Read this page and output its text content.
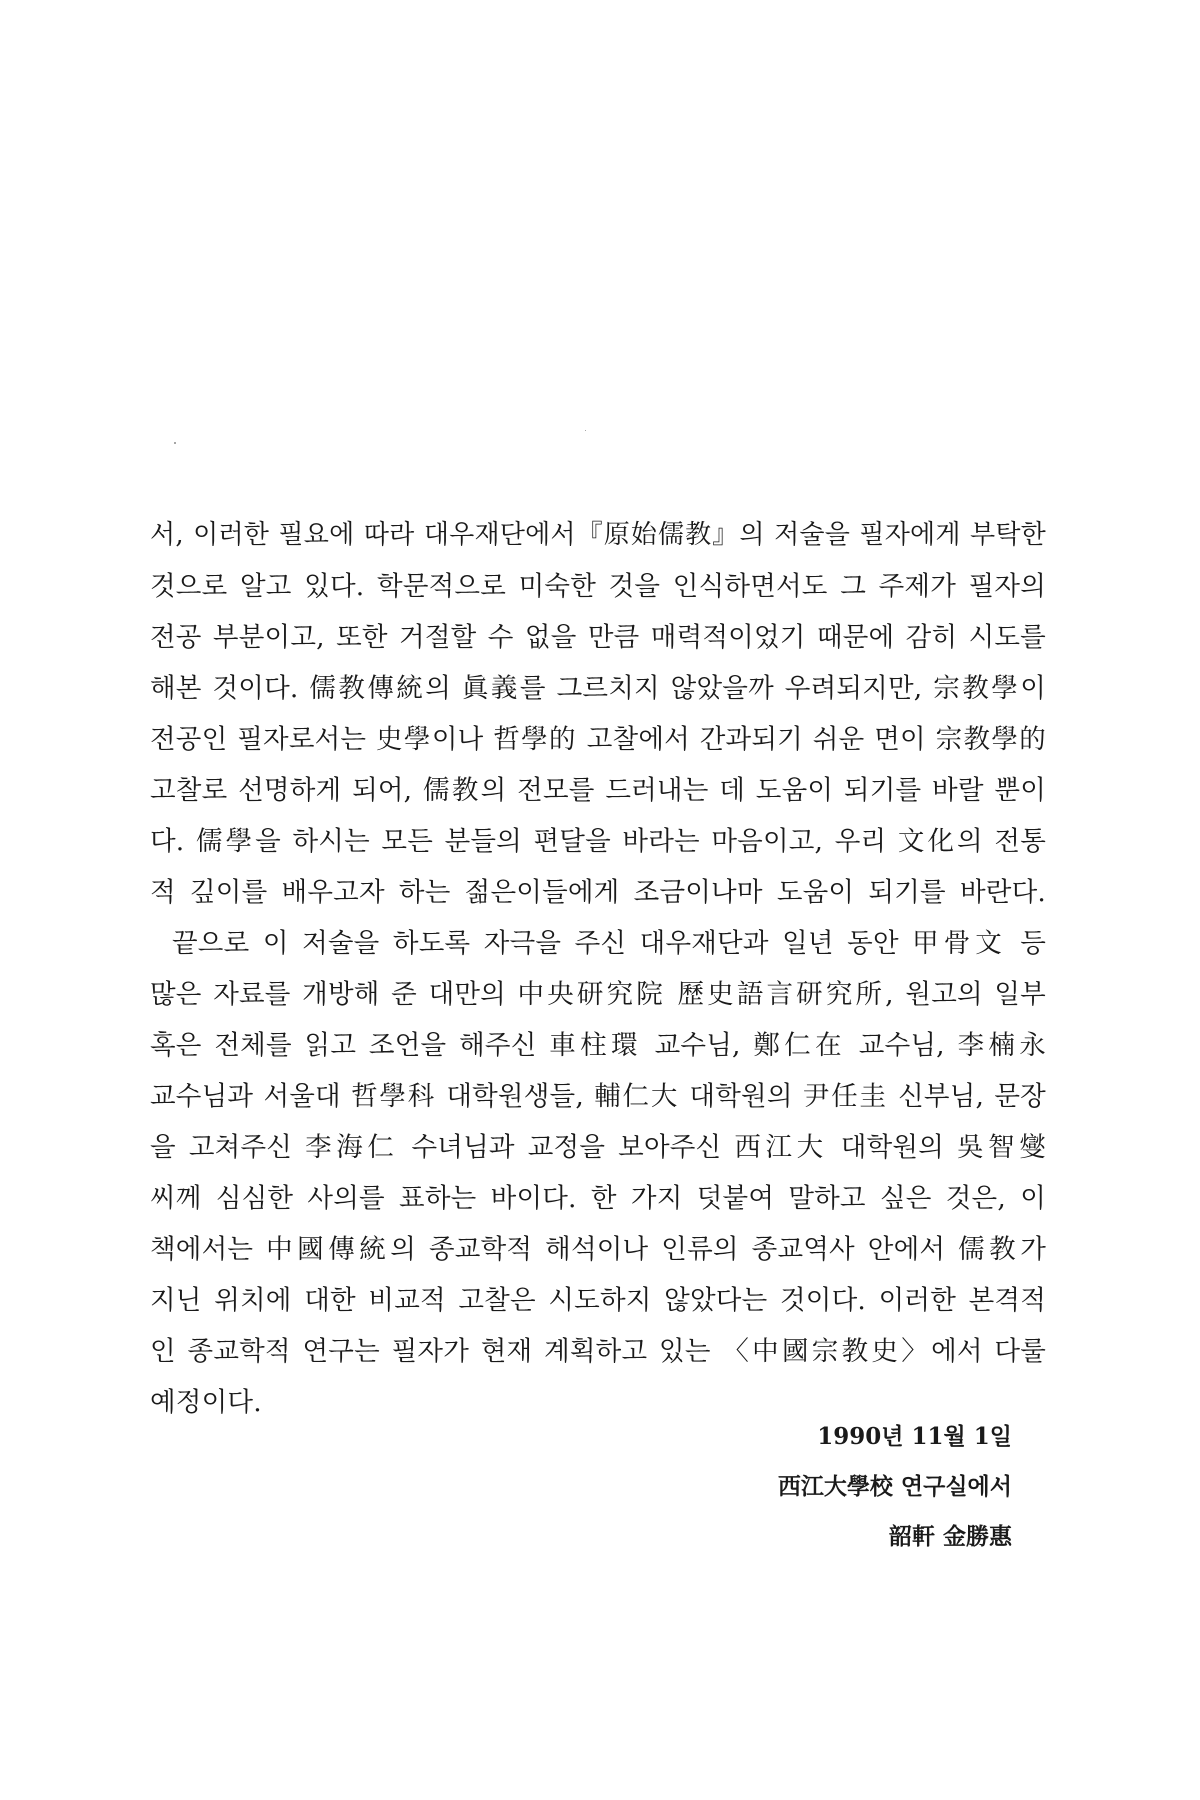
서, 이러한 필요에 따라 대우재단에서『原始儒教』의 저술을 필자에게 부탁한
것으로 알고 있다. 학문적으로 미숙한 것을 인식하면서도 그 주제가 필자의
전공 부분이고, 또한 거절할 수 없을 만큼 매력적이었기 때문에 감히 시도를
해본 것이다. 儒教傳統의 眞義를 그르치지 않았을까 우려되지만, 宗教學이
전공인 필자로서는 史學이나 哲學的 고찰에서 간과되기 쉬운 면이 宗教學的
고찰로 선명하게 되어, 儒教의 전모를 드러내는 데 도움이 되기를 바랄 뿐이
다. 儒學을 하시는 모든 분들의 편달을 바라는 마음이고, 우리 文化의 전통
적 깊이를 배우고자 하는 젊은이들에게 조금이나마 도움이 되기를 바란다.
끝으로 이 저술을 하도록 자극을 주신 대우재단과 일년 동안 甲骨文 등
많은 자료를 개방해 준 대만의 中央研究院 歷史語言研究所, 원고의 일부
혹은 전체를 읽고 조언을 해주신 車柱環 교수님, 鄭仁在 교수님, 李楠永
교수님과 서울대 哲學科 대학원생들, 輔仁大 대학원의 尹任圭 신부님, 문장
을 고쳐주신 李海仁 수녀님과 교정을 보아주신 西江大 대학원의 吳智燮
씨께 심심한 사의를 표하는 바이다. 한 가지 덧붙여 말하고 싶은 것은, 이
책에서는 中國傳統의 종교학적 해석이나 인류의 종교역사 안에서 儒教가
지닌 위치에 대한 비교적 고찰은 시도하지 않았다는 것이다. 이러한 본격적
인 종교학적 연구는 필자가 현재 계획하고 있는 〈中國宗教史〉에서 다룰
예정이다.
1990년 11월 1일
西江大學校 연구실에서
韶軒 金勝惠
